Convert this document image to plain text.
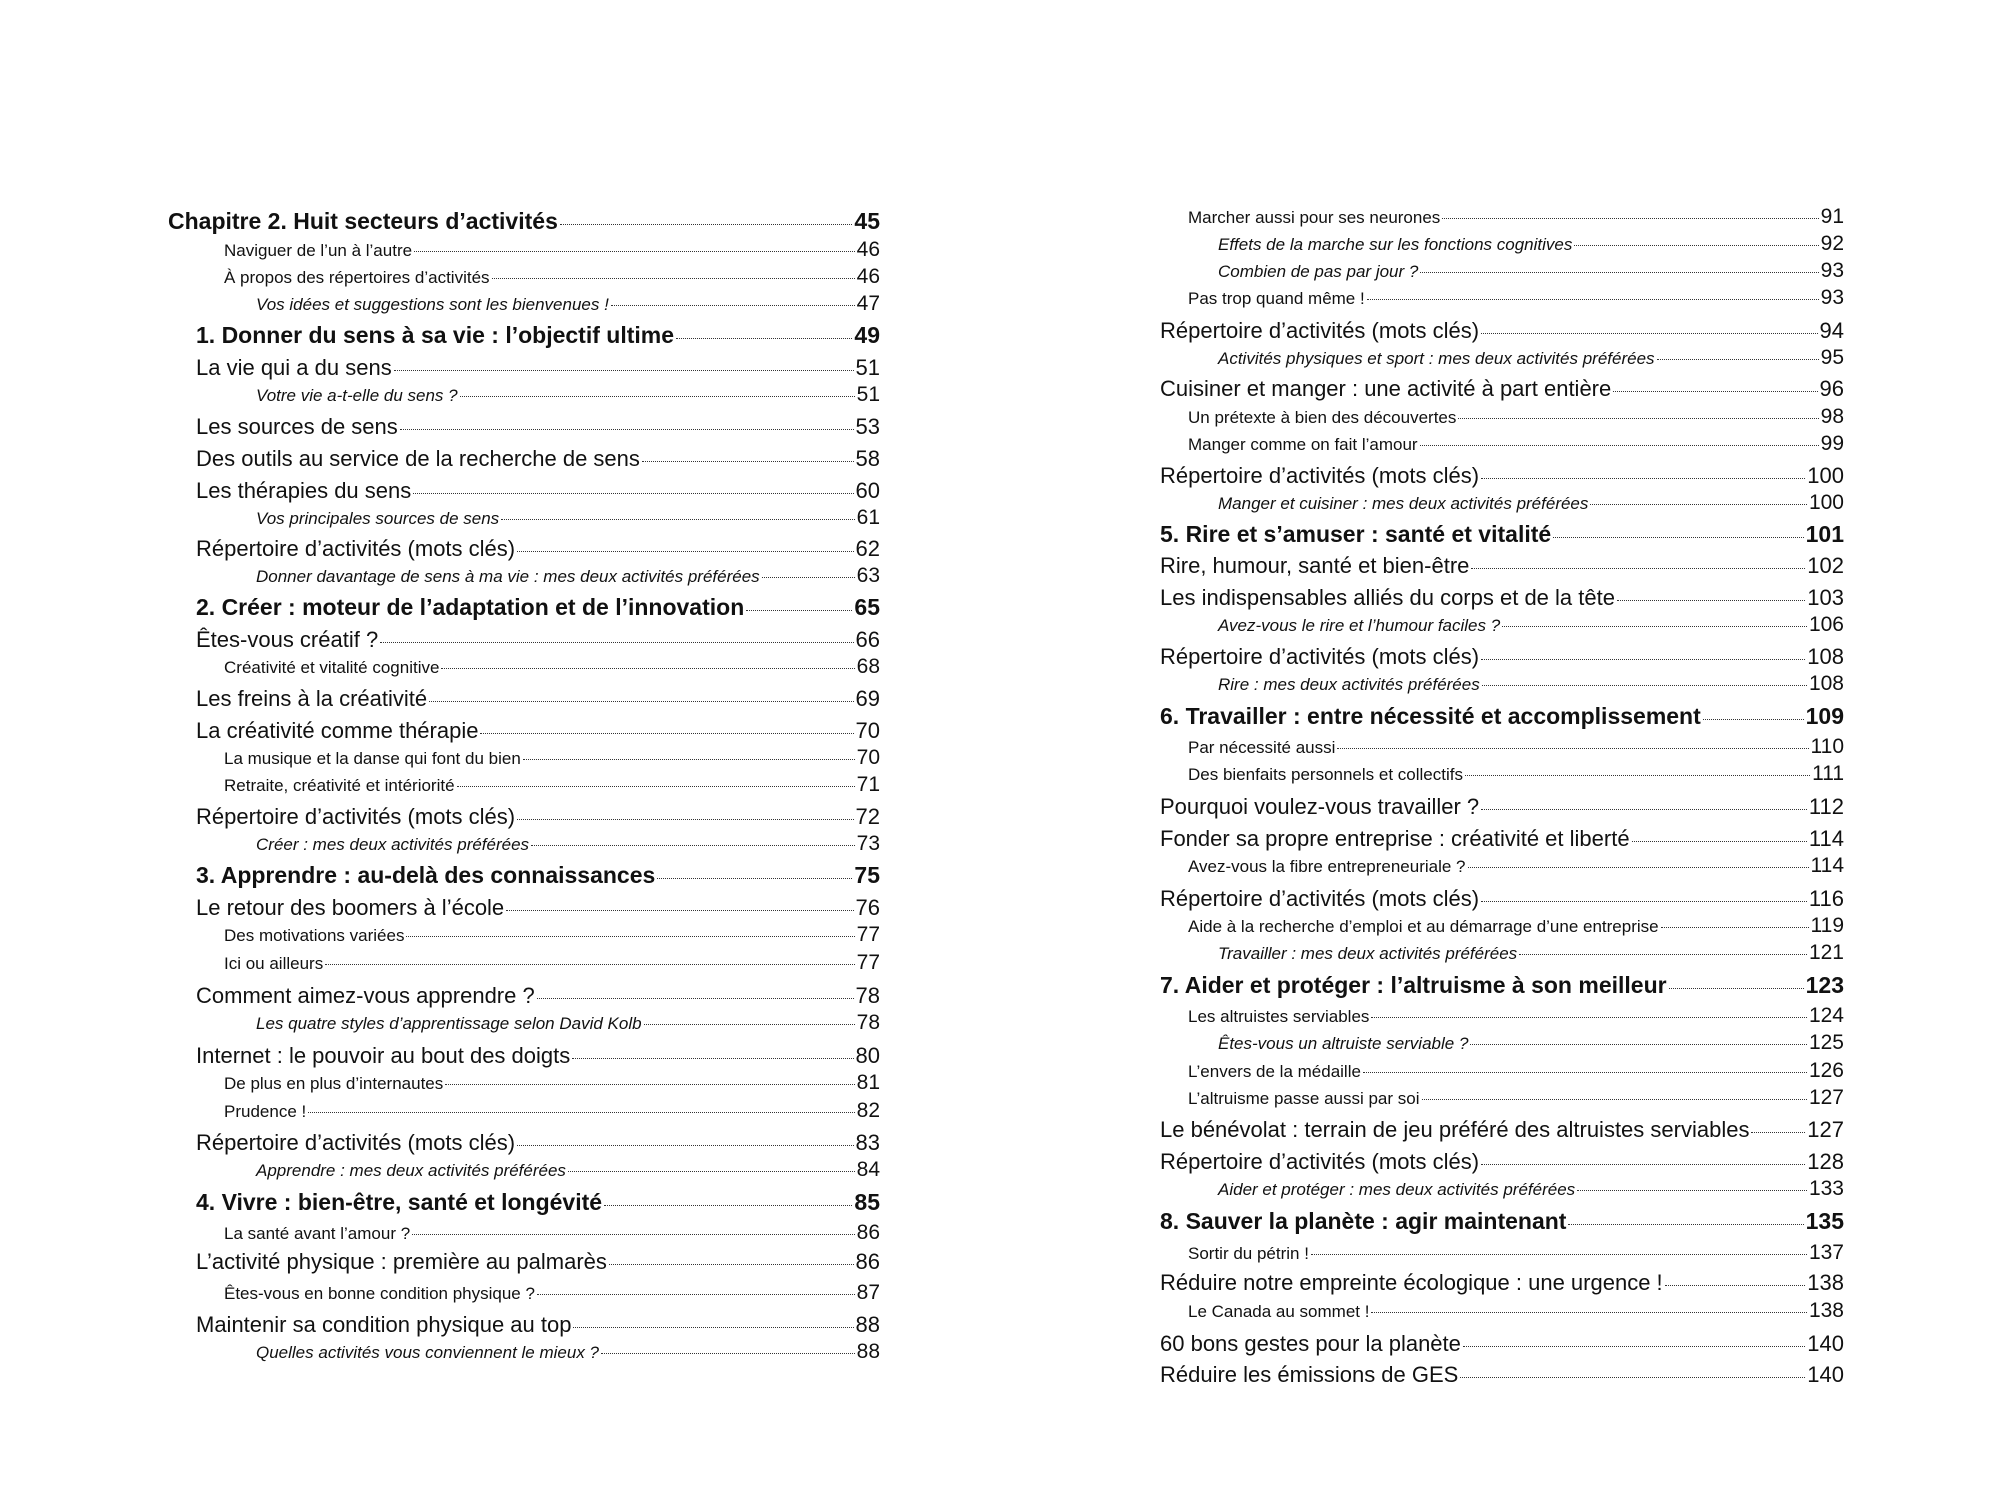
Chapitre 2. Huit secteurs d’activités	45
Naviguer de l’un à l’autre	46
À propos des répertoires d’activités	46
Vos idées et suggestions sont les bienvenues !	47
1. Donner du sens à sa vie : l’objectif ultime	49
La vie qui a du sens	51
Votre vie a-t-elle du sens ?	51
Les sources de sens	53
Des outils au service de la recherche de sens	58
Les thérapies du sens	60
Vos principales sources de sens	61
Répertoire d’activités (mots clés)	62
Donner davantage de sens à ma vie : mes deux activités préférées	63
2. Créer : moteur de l’adaptation et de l’innovation	65
Êtes-vous créatif ?	66
Créativité et vitalité cognitive	68
Les freins à la créativité	69
La créativité comme thérapie	70
La musique et la danse qui font du bien	70
Retraite, créativité et intériorité	71
Répertoire d’activités (mots clés)	72
Créer : mes deux activités préférées	73
3. Apprendre : au-delà des connaissances	75
Le retour des boomers à l’école	76
Des motivations variées	77
Ici ou ailleurs	77
Comment aimez-vous apprendre ?	78
Les quatre styles d’apprentissage selon David Kolb	78
Internet : le pouvoir au bout des doigts	80
De plus en plus d’internautes	81
Prudence !	82
Répertoire d’activités (mots clés)	83
Apprendre : mes deux activités préférées	84
4. Vivre : bien-être, santé et longévité	85
La santé avant l’amour ?	86
L’activité physique : première au palmarès	86
Êtes-vous en bonne condition physique ?	87
Maintenir sa condition physique au top	88
Quelles activités vous conviennent le mieux ?	88
Marcher aussi pour ses neurones	91
Effets de la marche sur les fonctions cognitives	92
Combien de pas par jour ?	93
Pas trop quand même !	93
Répertoire d’activités (mots clés)	94
Activités physiques et sport : mes deux activités préférées	95
Cuisiner et manger : une activité à part entière	96
Un prétexte à bien des découvertes	98
Manger comme on fait l’amour	99
Répertoire d’activités (mots clés)	100
Manger et cuisiner : mes deux activités préférées	100
5. Rire et s’amuser : santé et vitalité	101
Rire, humour, santé et bien-être	102
Les indispensables alliés du corps et de la tête	103
Avez-vous le rire et l’humour faciles ?	106
Répertoire d’activités (mots clés)	108
Rire : mes deux activités préférées	108
6. Travailler : entre nécessité et accomplissement	109
Par nécessité aussi	110
Des bienfaits personnels et collectifs	111
Pourquoi voulez-vous travailler ?	112
Fonder sa propre entreprise : créativité et liberté	114
Avez-vous la fibre entrepreneuriale ?	114
Répertoire d’activités (mots clés)	116
Aide à la recherche d’emploi et au démarrage d’une entreprise	119
Travailler : mes deux activités préférées	121
7. Aider et protéger : l’altruisme à son meilleur	123
Les altruistes serviables	124
Êtes-vous un altruiste serviable ?	125
L’envers de la médaille	126
L’altruisme passe aussi par soi	127
Le bénévolat : terrain de jeu préféré des altruistes serviables	127
Répertoire d’activités (mots clés)	128
Aider et protéger : mes deux activités préférées	133
8. Sauver la planète : agir maintenant	135
Sortir du pétrin !	137
Réduire notre empreinte écologique : une urgence !	138
Le Canada au sommet !	138
60 bons gestes pour la planète	140
Réduire les émissions de GES	140
